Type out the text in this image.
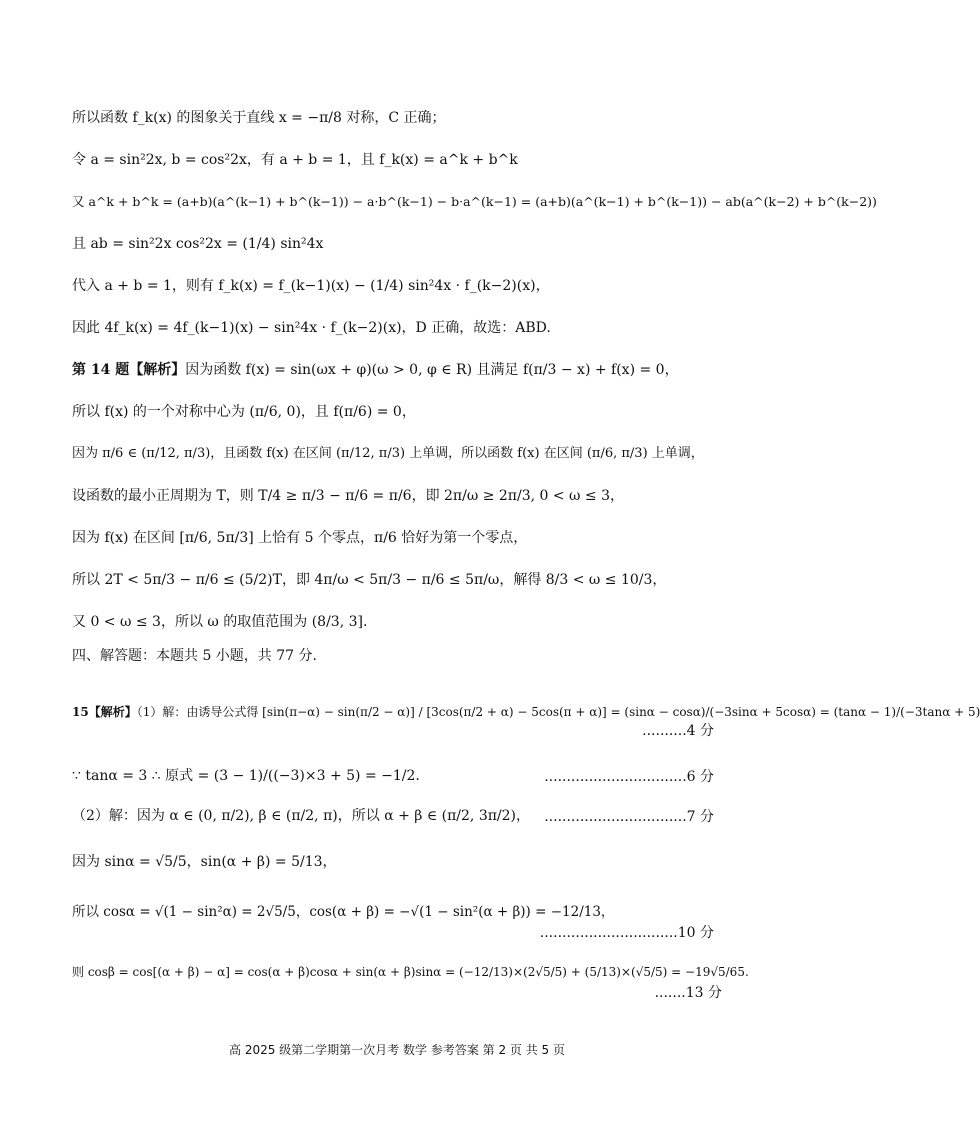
所以函数 f_k(x) 的图象关于直线 x = −π/8 对称，C 正确；
令 a = sin²2x, b = cos²2x，有 a + b = 1，且 f_k(x) = a^k + b^k
又 a^k + b^k = (a+b)(a^(k−1) + b^(k−1)) − a·b^(k−1) − b·a^(k−1) = (a+b)(a^(k−1) + b^(k−1)) − ab(a^(k−2) + b^(k−2))
且 ab = sin²2x cos²2x = (1/4) sin²4x
代入 a + b = 1，则有 f_k(x) = f_(k−1)(x) − (1/4) sin²4x · f_(k−2)(x)，
因此 4f_k(x) = 4f_(k−1)(x) − sin²4x · f_(k−2)(x)，D 正确，故选：ABD.
第 14 题【解析】因为函数 f(x) = sin(ωx + φ)(ω > 0, φ ∈ R) 且满足 f(π/3 − x) + f(x) = 0，
所以 f(x) 的一个对称中心为 (π/6, 0)，且 f(π/6) = 0，
因为 π/6 ∈ (π/12, π/3)，且函数 f(x) 在区间 (π/12, π/3) 上单调，所以函数 f(x) 在区间 (π/6, π/3) 上单调，
设函数的最小正周期为 T，则 T/4 ≥ π/3 − π/6 = π/6，即 2π/ω ≥ 2π/3, 0 < ω ≤ 3，
因为 f(x) 在区间 [π/6, 5π/3] 上恰有 5 个零点，π/6 恰好为第一个零点，
所以 2T < 5π/3 − π/6 ≤ (5/2)T，即 4π/ω < 5π/3 − π/6 ≤ 5π/ω，解得 8/3 < ω ≤ 10/3，
又 0 < ω ≤ 3，所以 ω 的取值范围为 (8/3, 3].
四、解答题：本题共 5 小题，共 77 分.
15【解析】（1）解：由诱导公式得 [sin(π−α) − sin(π/2 − α)] / [3cos(π/2 + α) − 5cos(π + α)] = (sinα − cosα)/(−3sinα + 5cosα) = (tanα − 1)/(−3tanα + 5)
..........4 分
∵ tanα = 3 ∴ 原式 = (3 − 1)/((−3)×3 + 5) = −1/2.	................................6 分
（2）解：因为 α ∈ (0, π/2), β ∈ (π/2, π)，所以 α + β ∈ (π/2, 3π/2)，	................................7 分
因为 sinα = √5/5，sin(α + β) = 5/13，
所以 cosα = √(1 − sin²α) = 2√5/5，cos(α + β) = −√(1 − sin²(α + β)) = −12/13，
...............................10 分
则 cosβ = cos[(α + β) − α] = cos(α + β)cosα + sin(α + β)sinα = (−12/13)×(2√5/5) + (5/13)×(√5/5) = −19√5/65.
.......13 分
高 2025 级第二学期第一次月考 数学 参考答案 第 2 页 共 5 页
